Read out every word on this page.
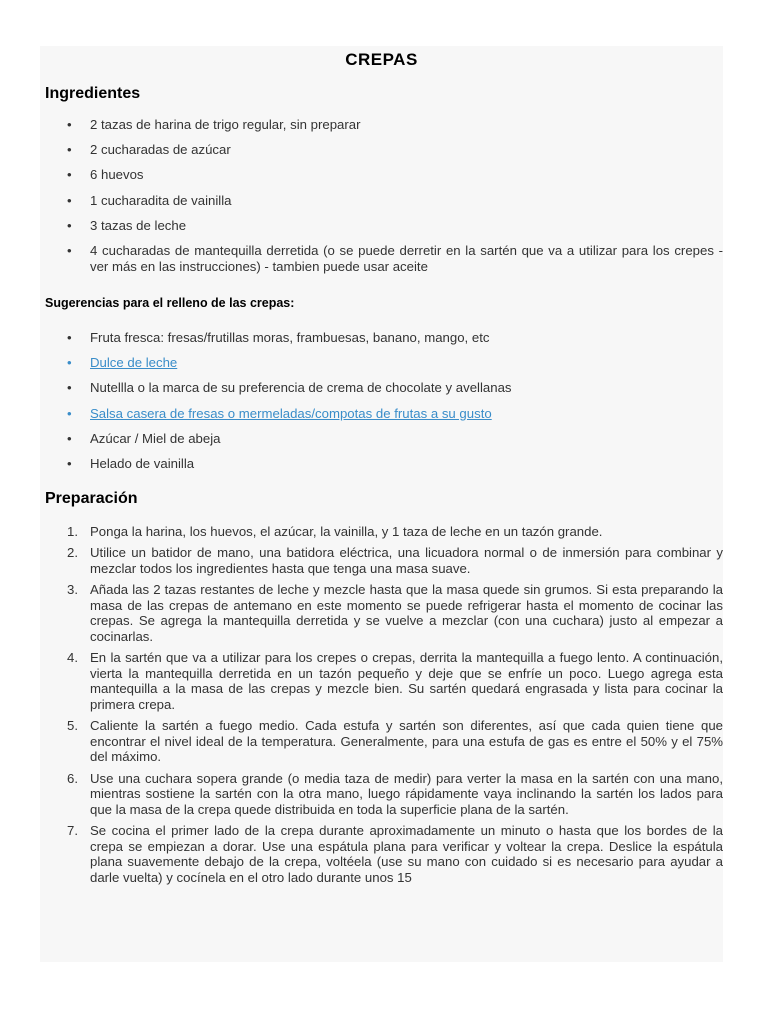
CREPAS
Ingredientes
• 2 tazas de harina de trigo regular, sin preparar
• 2 cucharadas de azúcar
• 6 huevos
• 1 cucharadita de vainilla
• 3 tazas de leche
• 4 cucharadas de mantequilla derretida (o se puede derretir en la sartén que va a utilizar para los crepes - ver más en las instrucciones) - tambien puede usar aceite
Sugerencias para el relleno de las crepas:
• Fruta fresca: fresas/frutillas moras, frambuesas, banano, mango, etc
• Dulce de leche
• Nutellla o la marca de su preferencia de crema de chocolate y avellanas
• Salsa casera de fresas o mermeladas/compotas de frutas a su gusto
• Azúcar / Miel de abeja
• Helado de vainilla
Preparación
1. Ponga la harina, los huevos, el azúcar, la vainilla, y 1 taza de leche en un tazón grande.
2. Utilice un batidor de mano, una batidora eléctrica, una licuadora normal o de inmersión para combinar y mezclar todos los ingredientes hasta que tenga una masa suave.
3. Añada las 2 tazas restantes de leche y mezcle hasta que la masa quede sin grumos. Si esta preparando la masa de las crepas de antemano en este momento se puede refrigerar hasta el momento de cocinar las crepas. Se agrega la mantequilla derretida y se vuelve a mezclar (con una cuchara) justo al empezar a cocinarlas.
4. En la sartén que va a utilizar para los crepes o crepas, derrita la mantequilla a fuego lento. A continuación, vierta la mantequilla derretida en un tazón pequeño y deje que se enfríe un poco. Luego agrega esta mantequilla a la masa de las crepas y mezcle bien. Su sartén quedará engrasada y lista para cocinar la primera crepa.
5. Caliente la sartén a fuego medio. Cada estufa y sartén son diferentes, así que cada quien tiene que encontrar el nivel ideal de la temperatura. Generalmente, para una estufa de gas es entre el 50% y el 75% del máximo.
6. Use una cuchara sopera grande (o media taza de medir) para verter la masa en la sartén con una mano, mientras sostiene la sartén con la otra mano, luego rápidamente vaya inclinando la sartén los lados para que la masa de la crepa quede distribuida en toda la superficie plana de la sartén.
7. Se cocina el primer lado de la crepa durante aproximadamente un minuto o hasta que los bordes de la crepa se empiezan a dorar. Use una espátula plana para verificar y voltear la crepa. Deslice la espátula plana suavemente debajo de la crepa, voltéela (use su mano con cuidado si es necesario para ayudar a darle vuelta) y cocínela en el otro lado durante unos 15
